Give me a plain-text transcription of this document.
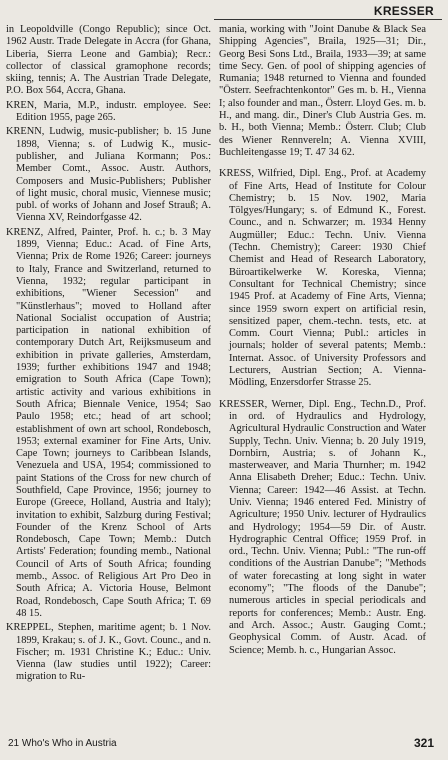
KRESSER

in Leopoldville (Congo Republic); since Oct. 1962 Austr. Trade Delegate in Accra (for Ghana, Liberia, Sierra Leone and Gambia); Recr.: collector of classical gramophone records; skiing, tennis; A. The Austrian Trade Delegate, P.O. Box 564, Accra, Ghana.

KREN, Maria, M.P., industr. employee. See: Edition 1955, page 265.

KRENN, Ludwig, music-publisher; b. 15 June 1898, Vienna; s. of Ludwig K., music-publisher, and Juliana Kormann; Pos.: Member Comt., Assoc. Austr. Authors, Composers and Music-Publishers; Publisher of light music, choral music, Viennese music; publ. of works of Johann and Josef Strauß; A. Vienna XV, Reindorfgasse 42.

KRENZ, Alfred, Painter, Prof. h. c.; b. 3 May 1899, Vienna; Educ.: Acad. of Fine Arts, Vienna; Prix de Rome 1926; Career: journeys to Italy, France and Switzerland, returned to Vienna, 1932; regular participant in exhibitions, "Wiener Secession" and "Künstlerhaus"; moved to Holland after National Socialist occupation of Austria; participation in national exhibition of contemporary Dutch Art, Reijksmuseum and exhibition in private galleries, Amsterdam, 1939; further exhibitions 1947 and 1948; emigration to South Africa (Cape Town); artistic activity and various exhibitions in South Africa; Biennale Venice, 1954; Sao Paulo 1958; etc.; head of art school; establishment of own art school, Rondebosch, 1953; external examiner for Fine Arts, Univ. Cape Town; journeys to Caribbean Islands, Venezuela and USA, 1954; commissioned to paint Stations of the Cross for new church of Southfield, Cape Province, 1956; journey to Europe (Greece, Holland, Austria and Italy); invitation to exhibit, Salzburg during Festival; Founder of the Krenz School of Arts Rondebosch, Cape Town; Memb.: Dutch Artists' Federation; founding memb., National Council of Arts of South Africa; founding memb., Assoc. of Religious Art Pro Deo in South Africa; A. Victoria House, Belmont Road, Rondebosch, Cape South Africa; T. 69 48 15.

KREPPEL, Stephen, maritime agent; b. 1 Nov. 1899, Krakau; s. of J. K., Govt. Counc., and n. Fischer; m. 1931 Christine K.; Educ.: Univ. Vienna (law studies until 1922); Career: migration to Ru-

mania, working with "Joint Danube & Black Sea Shipping Agencies", Braila, 1925—31; Dir., Georg Besi Sons Ltd., Braila, 1933—39; at same time Secy. Gen. of pool of shipping agencies of Rumania; 1948 returned to Vienna and founded "Österr. Seefrachtenkontor" Ges m. b. H., Vienna I; also founder and man., Österr. Lloyd Ges. m. b. H., and mang. dir., Diner's Club Austria Ges. m. b. H., both Vienna; Memb.: Österr. Club; Club des Wiener Rennvereln; A. Vienna XVIII, Buchleitengasse 19; T. 47 34 62.

KRESS, Wilfried, Dipl. Eng., Prof. at Academy of Fine Arts, Head of Institute for Colour Chemistry; b. 15 Nov. 1902, Maria Tölgyes/Hungary; s. of Edmund K., Forest. Counc., and n. Schwarzer; m. 1934 Henny Augmüller; Educ.: Techn. Univ. Vienna (Techn. Chemistry); Career: 1930 Chief Chemist and Head of Research Laboratory, Büroartikelwerke W. Koreska, Vienna; Consultant for Technical Chemistry; since 1945 Prof. at Academy of Fine Arts, Vienna; since 1959 sworn expert on artificial resin, sensitized paper, chem.-techn. tests, etc. at Comm. Court Vienna; Publ.: articles in journals; holder of several patents; Memb.: Internat. Assoc. of University Professors and Lecturers, Austrian Section; A. Vienna-Mödling, Enzersdorfer Strasse 25.

KRESSER, Werner, Dipl. Eng., Techn.D., Prof. in ord. of Hydraulics and Hydrology, Agricultural Hydraulic Construction and Water Supply, Techn. Univ. Vienna; b. 20 July 1919, Dornbirn, Austria; s. of Johann K., masterweaver, and Maria Thurnher; m. 1942 Anna Elisabeth Dreher; Educ.: Techn. Univ. Vienna; Career: 1942—46 Assist. at Techn. Univ. Vienna; 1946 entered Fed. Ministry of Agriculture; 1950 Univ. lecturer of Hydraulics and Hydrology; 1954—59 Dir. of Austr. Hydrographic Central Office; 1959 Prof. in ord., Techn. Univ. Vienna; Publ.: "The run-off conditions of the Austrian Danube"; "Methods of water forecasting at long sight in water economy"; "The floods of the Danube"; numerous articles in special periodicals and reports for conferences; Memb.: Austr. Eng. and Arch. Assoc.; Austr. Gauging Comt.; Geophysical Comm. of Austr. Acad. of Science; Memb. h. c., Hungarian Assoc.

21 Who's Who in Austria	321
